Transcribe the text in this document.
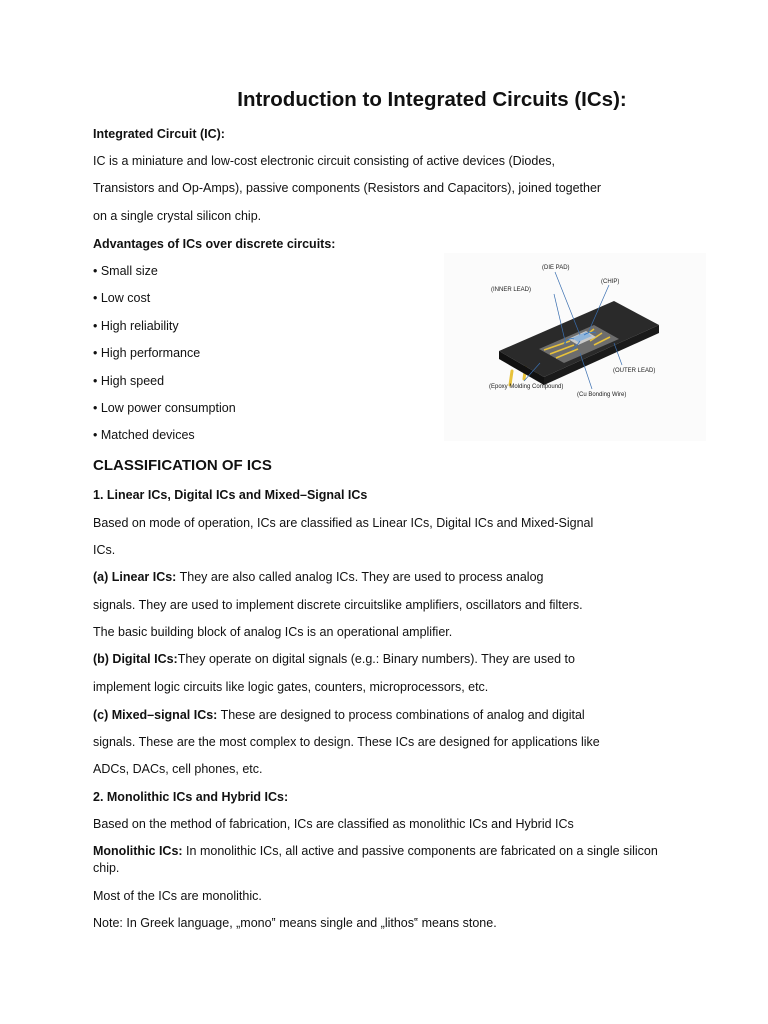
Introduction to Integrated Circuits (ICs):

Integrated Circuit (IC):

IC is a miniature and low-cost electronic circuit consisting of active devices (Diodes,

Transistors and Op-Amps), passive components (Resistors and Capacitors), joined together

on a single crystal silicon chip.

Advantages of ICs over discrete circuits:

• Small size

• Low cost

• High reliability

• High performance

• High speed

• Low power consumption

• Matched devices

(DIE PAD)
(CHIP)
(INNER LEAD)
(OUTER LEAD)
(Epoxy Molding Compound)
(Cu Bonding Wire)

CLASSIFICATION OF ICS

1. Linear ICs, Digital ICs and Mixed–Signal ICs

Based on mode of operation, ICs are classified as Linear ICs, Digital ICs and Mixed-Signal

ICs.

(a) Linear ICs: They are also called analog ICs. They are used to process analog

signals. They are used to implement discrete circuitslike amplifiers, oscillators and filters.

The basic building block of analog ICs is an operational amplifier.

(b) Digital ICs:They operate on digital signals (e.g.: Binary numbers). They are used to

implement logic circuits like logic gates, counters, microprocessors, etc.

(c) Mixed–signal ICs: These are designed to process combinations of analog and digital

signals. These are the most complex to design. These ICs are designed for applications like

ADCs, DACs, cell phones, etc.

2. Monolithic ICs and Hybrid ICs:

Based on the method of fabrication, ICs are classified as monolithic ICs and Hybrid ICs

Monolithic ICs: In monolithic ICs, all active and passive components are fabricated on a single silicon chip.

Most of the ICs are monolithic.

Note: In Greek language, „mono‟ means single and „lithos‟ means stone.
